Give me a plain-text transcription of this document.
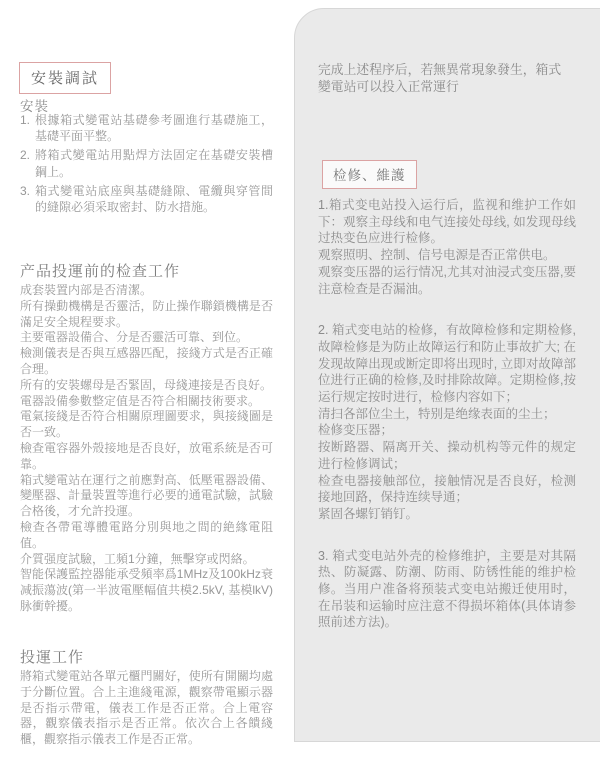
安裝調試
安裝
1. 根據箱式變電站基礎參考圖進行基礎施工，基礎平面平整。
2. 將箱式變電站用點焊方法固定在基礎安裝槽鋼上。
3. 箱式變電站底座與基礎縫隙、電纜與穿管間的縫隙必須采取密封、防水措施。
产品投運前的检查工作

成套裝置内部是否清潔。

所有操動機構是否靈活，防止操作聯鎖機構是否滿足安全規程要求。

主要電器設備合、分是否靈活可靠、到位。

檢測儀表是否與互感器匹配，接綫方式是否正確合理。

所有的安裝螺母是否緊固，母綫連接是否良好。

電器設備參數整定值是否符合相關技術要求。

電氣接綫是否符合相關原理圖要求，與接綫圖是否一致。

檢查電容器外殼接地是否良好，放電系統是否可靠。

箱式變電站在運行之前應對高、低壓電器設備、變壓器、計量裝置等進行必要的通電試驗，試驗合格後，才允許投運。

檢查各帶電導體電路分別與地之間的絶緣電阻值。

介質强度試驗，工頻1分鐘，無擊穿或閃絡。

智能保護監控器能承受頻率爲1MHz及100kHz衰减振蕩波(第一半波電壓幅值共模2.5kV, 基模lkV)脉衝幹擾。

投運工作

將箱式變電站各單元櫃門關好，使所有開關均處于分斷位置。合上主進綫電源，觀察帶電顯示器是否指示帶電，儀表工作是否正常。合上電容器，觀察儀表指示是否正常。依次合上各饋綫櫃，觀察指示儀表工作是否正常。

完成上述程序后，若無異常現象發生，箱式變電站可以投入正常運行
检修、維護

1.箱式变电站投入运行后，监视和维护工作如下：观察主母线和电气连接处母线, 如发现母线过热变色应进行检修。

观察照明、控制、信号电源是否正常供电。

观察变压器的运行情况,尤其对油浸式变压器,要注意检查是否漏油。

2. 箱式变电站的检修，有故障检修和定期检修,故障检修是为防止故障运行和防止事故扩大; 在发现故障出现或断定即将出现时, 立即对故障部位进行正确的检修,及时排除故障。定期检修,按运行规定按时进行，检修内容如下；

清扫各部位尘土，特别是绝缘表面的尘土；

检修变压器；

按断路器、隔离开关、操动机构等元件的规定进行检修调试；

检查电器接触部位，接触情况是否良好，检测接地回路，保持连续导通；

紧固各螺钉销钉。

3. 箱式变电站外壳的检修维护，主要是对其隔热、防凝露、防潮、防雨、防锈性能的维护检修。当用户准备将预装式变电站搬迁使用时，在吊装和运输时应注意不得损坏箱体(具体请参照前述方法)。
